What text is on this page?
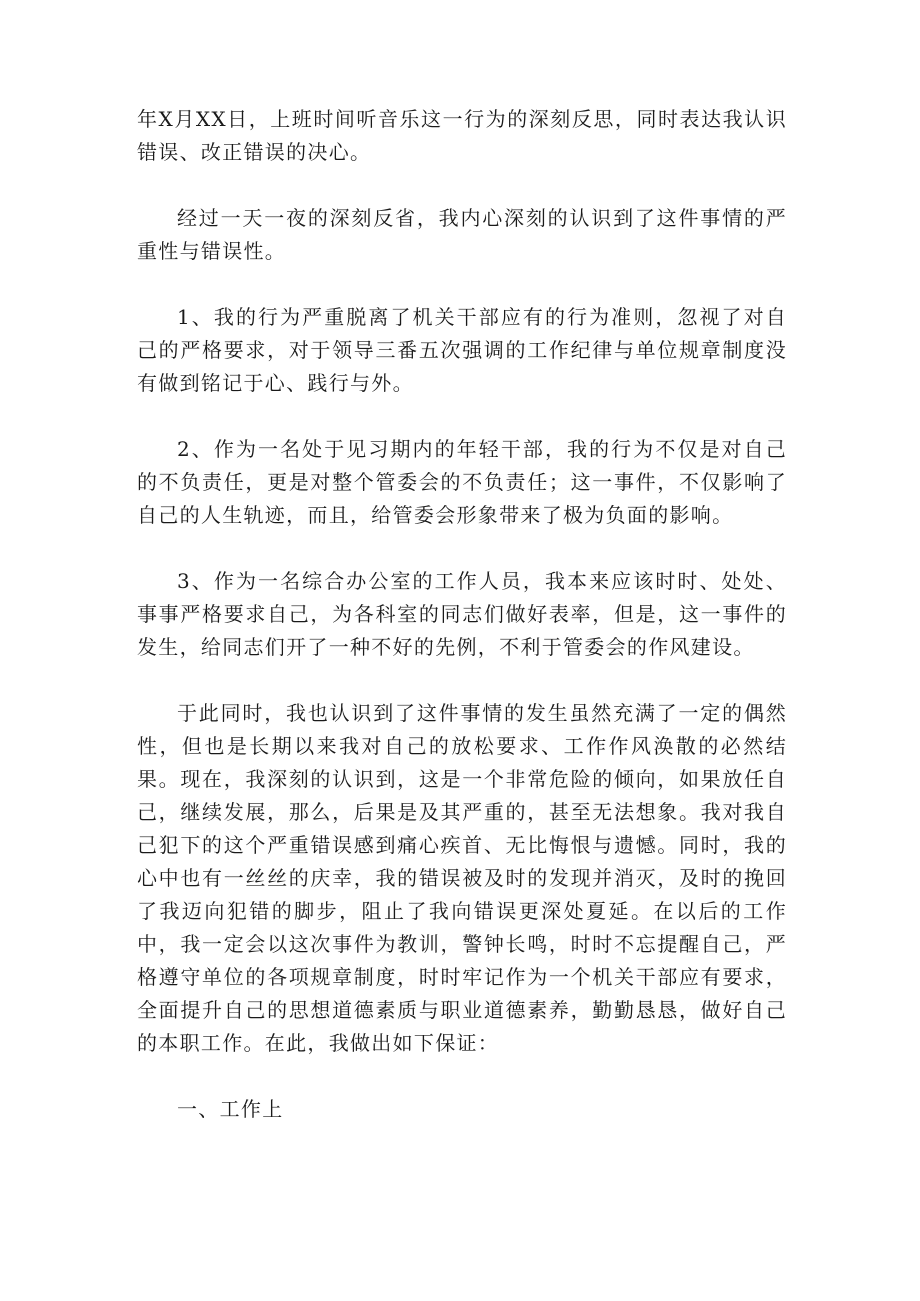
年X月XX日，上班时间听音乐这一行为的深刻反思，同时表达我认识错误、改正错误的决心。

经过一天一夜的深刻反省，我内心深刻的认识到了这件事情的严重性与错误性。

1、我的行为严重脱离了机关干部应有的行为准则，忽视了对自己的严格要求，对于领导三番五次强调的工作纪律与单位规章制度没有做到铭记于心、践行与外。

2、作为一名处于见习期内的年轻干部，我的行为不仅是对自己的不负责任，更是对整个管委会的不负责任；这一事件，不仅影响了自己的人生轨迹，而且，给管委会形象带来了极为负面的影响。

3、作为一名综合办公室的工作人员，我本来应该时时、处处、事事严格要求自己，为各科室的同志们做好表率，但是，这一事件的发生，给同志们开了一种不好的先例，不利于管委会的作风建设。

于此同时，我也认识到了这件事情的发生虽然充满了一定的偶然性，但也是长期以来我对自己的放松要求、工作作风涣散的必然结果。现在，我深刻的认识到，这是一个非常危险的倾向，如果放任自己，继续发展，那么，后果是及其严重的，甚至无法想象。我对我自己犯下的这个严重错误感到痛心疾首、无比悔恨与遗憾。同时，我的心中也有一丝丝的庆幸，我的错误被及时的发现并消灭，及时的挽回了我迈向犯错的脚步，阻止了我向错误更深处夏延。在以后的工作中，我一定会以这次事件为教训，警钟长鸣，时时不忘提醒自己，严格遵守单位的各项规章制度，时时牢记作为一个机关干部应有要求，全面提升自己的思想道德素质与职业道德素养，勤勤恳恳，做好自己的本职工作。在此，我做出如下保证：

一、工作上
